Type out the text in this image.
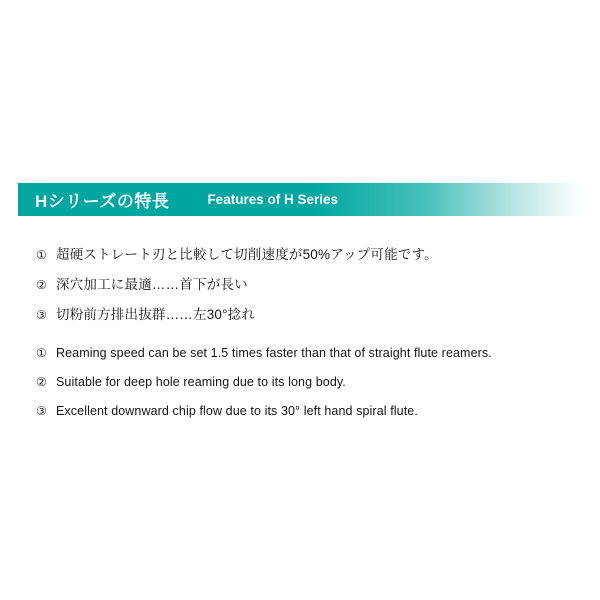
Hシリーズの特長	Features of H Series
① 超硬ストレート刃と比較して切削速度が50%アップ可能です。
② 深穴加工に最適……首下が長い
③ 切粉前方排出抜群……左30°捻れ
① Reaming speed can be set 1.5 times faster than that of straight flute reamers.
② Suitable for deep hole reaming due to its long body.
③ Excellent downward chip flow due to its 30° left hand spiral flute.
